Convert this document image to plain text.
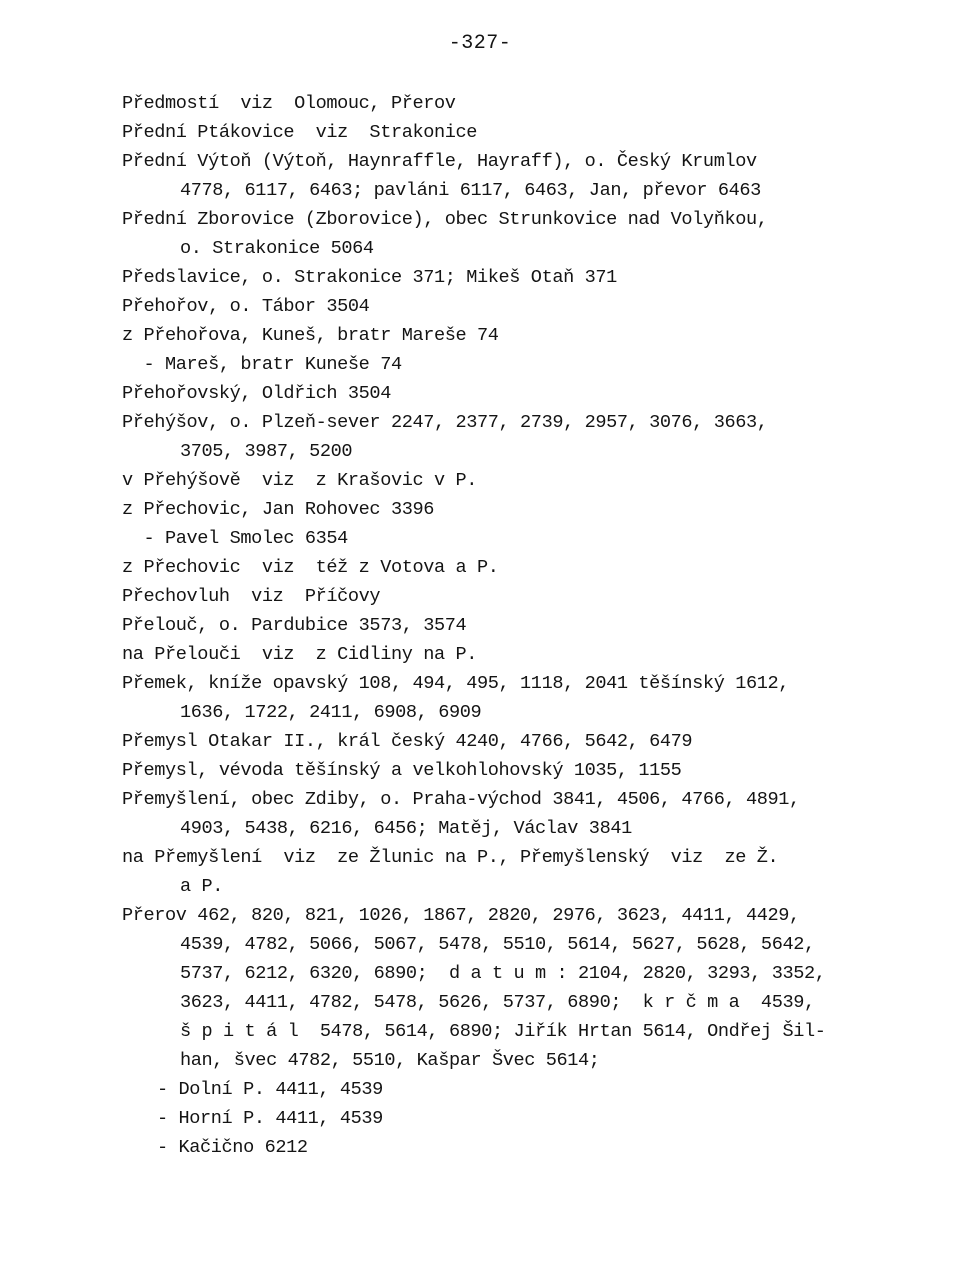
-327-
Předmostí  viz  Olomouc, Přerov
Přední Ptákovice  viz  Strakonice
Přední Výtoň (Výtoň, Haynraffle, Hayraff), o. Český Krumlov
4778, 6117, 6463; pavláni 6117, 6463, Jan, převor 6463
Přední Zborovice (Zborovice), obec Strunkovice nad Volyňkou,
o. Strakonice 5064
Předslavice, o. Strakonice 371; Mikeš Otaň 371
Přehořov, o. Tábor 3504
z Přehořova, Kuneš, bratr Mareše 74
- Mareš, bratr Kuneše 74
Přehořovský, Oldřich 3504
Přehýšov, o. Plzeň-sever 2247, 2377, 2739, 2957, 3076, 3663,
3705, 3987, 5200
v Přehýšově  viz  z Krašovic v P.
z Přechovic, Jan Rohovec 3396
- Pavel Smolec 6354
z Přechovic  viz  též z Votova a P.
Přechovluh  viz  Příčovy
Přelouč, o. Pardubice 3573, 3574
na Přelouči  viz  z Cidliny na P.
Přemek, kníže opavský 108, 494, 495, 1118, 2041 těšínský 1612,
1636, 1722, 2411, 6908, 6909
Přemysl Otakar II., král český 4240, 4766, 5642, 6479
Přemysl, vévoda těšínský a velkohlohovský 1035, 1155
Přemyšlení, obec Zdiby, o. Praha-východ 3841, 4506, 4766, 4891,
4903, 5438, 6216, 6456; Matěj, Václav 3841
na Přemyšlení  viz  ze Žlunic na P., Přemyšlenský  viz  ze Ž.
a P.
Přerov 462, 820, 821, 1026, 1867, 2820, 2976, 3623, 4411, 4429,
4539, 4782, 5066, 5067, 5478, 5510, 5614, 5627, 5628, 5642,
5737, 6212, 6320, 6890;  d a t u m : 2104, 2820, 3293, 3352,
3623, 4411, 4782, 5478, 5626, 5737, 6890;  k r č m a  4539,
š p i t á l  5478, 5614, 6890; Jiřík Hrtan 5614, Ondřej Šil-
han, švec 4782, 5510, Kašpar Švec 5614;
- Dolní P. 4411, 4539
- Horní P. 4411, 4539
- Kačično 6212
